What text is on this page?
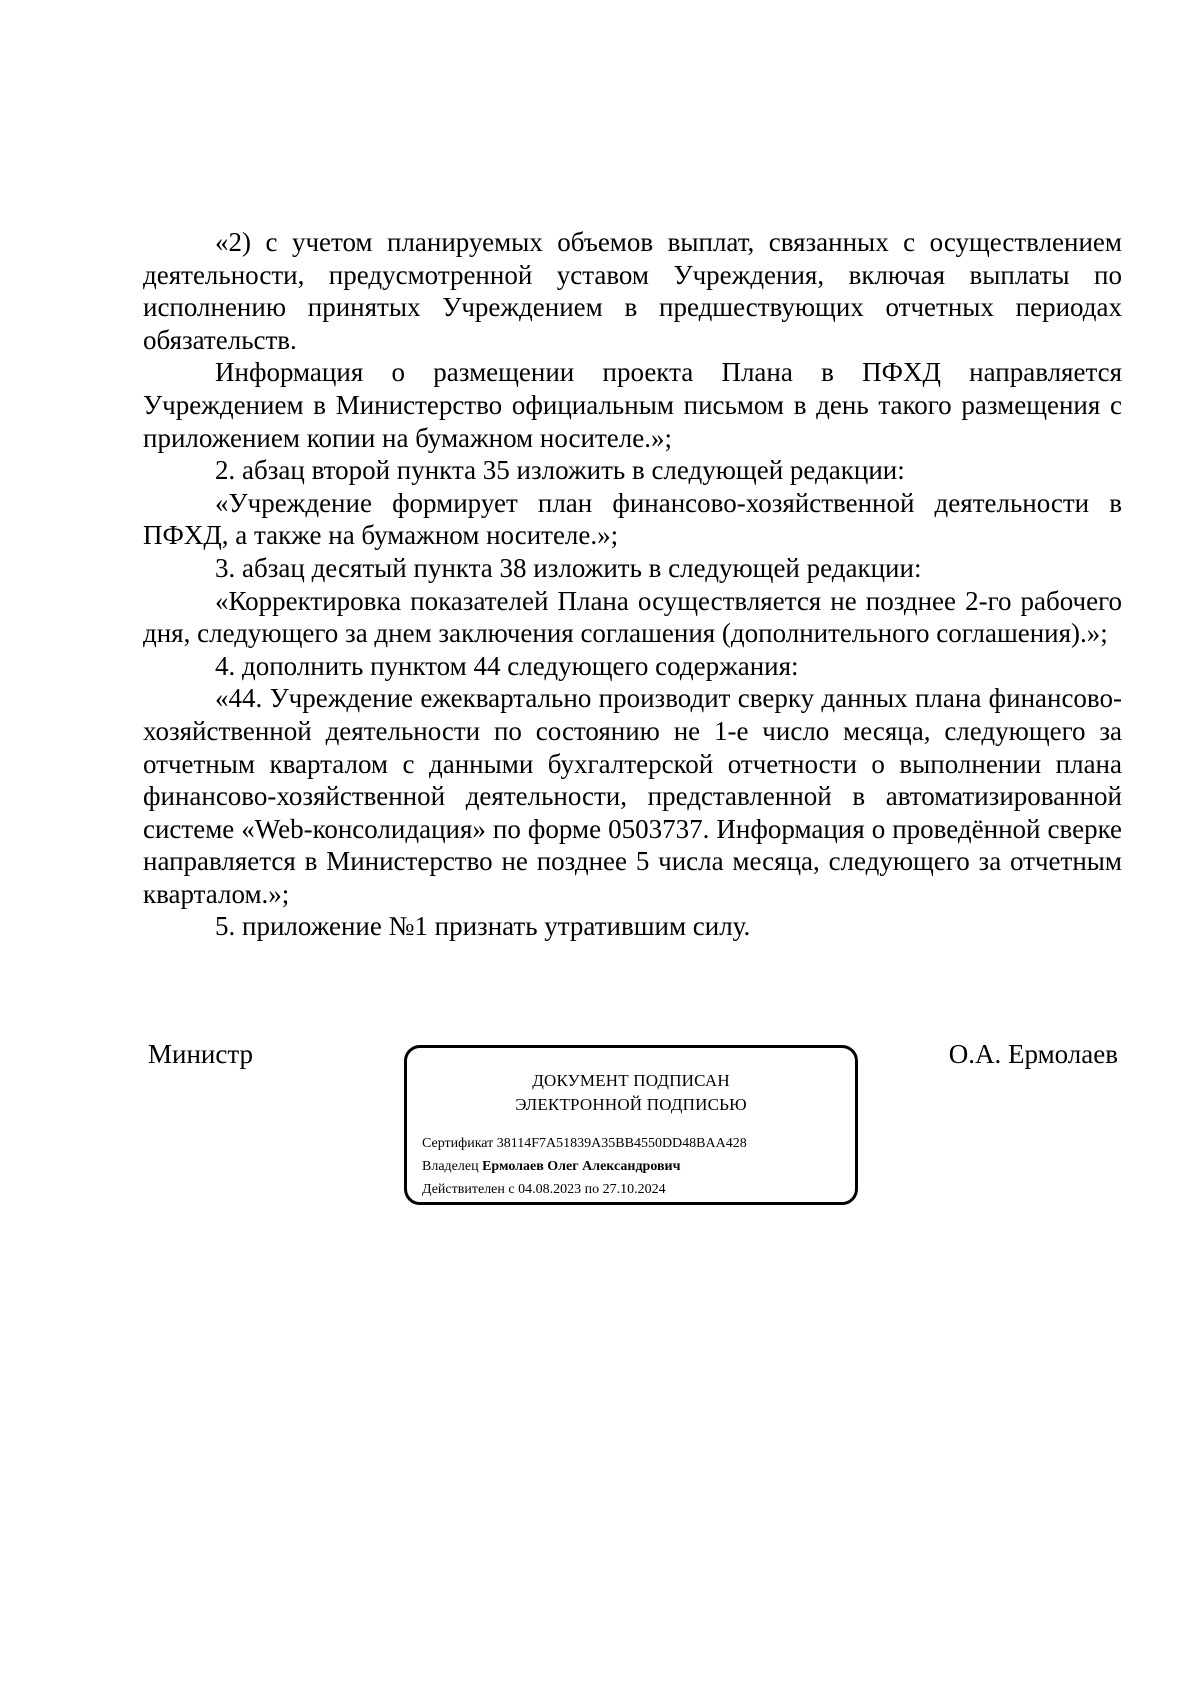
«2) с учетом планируемых объемов выплат, связанных с осуществлением деятельности, предусмотренной уставом Учреждения, включая выплаты по исполнению принятых Учреждением в предшествующих отчетных периодах обязательств.

Информация о размещении проекта Плана в ПФХД направляется Учреждением в Министерство официальным письмом в день такого размещения с приложением копии на бумажном носителе.»;

2. абзац второй пункта 35 изложить в следующей редакции:

«Учреждение формирует план финансово-хозяйственной деятельности в ПФХД, а также на бумажном носителе.»;

3. абзац десятый пункта 38 изложить в следующей редакции:

«Корректировка показателей Плана осуществляется не позднее 2-го рабочего дня, следующего за днем заключения соглашения (дополнительного соглашения).»;

4. дополнить пунктом 44 следующего содержания:

«44. Учреждение ежеквартально производит сверку данных плана финансово-хозяйственной деятельности по состоянию не 1-е число месяца, следующего за отчетным кварталом с данными бухгалтерской отчетности о выполнении плана финансово-хозяйственной деятельности, представленной в автоматизированной системе «Web-консолидация» по форме 0503737. Информация о проведённой сверке направляется в Министерство не позднее 5 числа месяца, следующего за отчетным кварталом.»;

5. приложение №1 признать утратившим силу.

Министр	О.А. Ермолаев
ДОКУМЕНТ ПОДПИСАН
ЭЛЕКТРОННОЙ ПОДПИСЬЮ
Сертификат 38114F7A51839A35BB4550DD48BAA428
Владелец Ермолаев Олег Александрович
Действителен с 04.08.2023 по 27.10.2024
